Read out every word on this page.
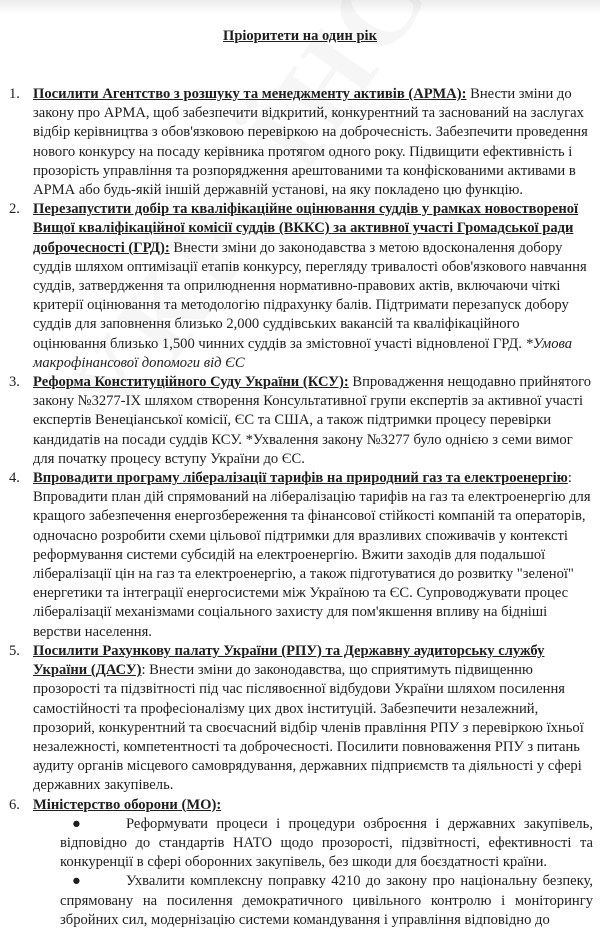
Пріоритети на один рік
1. Посилити Агентство з розшуку та менеджменту активів (АРМА): Внести зміни до закону про АРМА, щоб забезпечити відкритий, конкурентний та заснований на заслугах відбір керівництва з обов'язковою перевіркою на доброчесність. Забезпечити проведення нового конкурсу на посаду керівника протягом одного року. Підвищити ефективність і прозорість управління та розпорядження арештованими та конфіскованими активами в АРМА або будь-якій іншій державній установі, на яку покладено цю функцію.
2. Перезапустити добір та кваліфікаційне оцінювання суддів у рамках новоствореної Вищої кваліфікаційної комісії суддів (ВККС) за активної участі Громадської ради доброчесності (ГРД): Внести зміни до законодавства з метою вдосконалення добору суддів шляхом оптимізації етапів конкурсу, перегляду тривалості обов'язкового навчання суддів, затвердження та оприлюднення нормативно-правових актів, включаючи чіткі критерії оцінювання та методологію підрахунку балів. Підтримати перезапуск добору суддів для заповнення близько 2,000 суддівських вакансій та кваліфікаційного оцінювання близько 1,500 чинних суддів за змістовної участі відновленої ГРД. *Умова макрофінансової допомоги від ЄС
3. Реформа Конституційного Суду України (КСУ): Впровадження нещодавно прийнятого закону №3277-IX шляхом створення Консультативної групи експертів за активної участі експертів Венеціанської комісії, ЄС та США, а також підтримки процесу перевірки кандидатів на посади суддів КСУ. *Ухвалення закону №3277 було однією з семи вимог для початку процесу вступу України до ЄС.
4. Впровадити програму лібералізації тарифів на природний газ та електроенергію: Впровадити план дій спрямований на лібералізацію тарифів на газ та електроенергію для кращого забезпечення енергозбереження та фінансової стійкості компаній та операторів, одночасно розробити схеми цільової підтримки для вразливих споживачів у контексті реформування системи субсидій на електроенергію. Вжити заходів для подальшої лібералізації цін на газ та електроенергію, а також підготуватися до розвитку "зеленої" енергетики та інтеграції енергосистеми між Україною та ЄС. Супроводжувати процес лібералізації механізмами соціального захисту для пом'якшення впливу на бідніші верстви населення.
5. Посилити Рахункову палату України (РПУ) та Державну аудиторську службу України (ДАСУ): Внести зміни до законодавства, що сприятимуть підвищенню прозорості та підзвітності під час післявоєнної відбудови України шляхом посилення самостійності та професіоналізму цих двох інституцій. Забезпечити незалежний, прозорий, конкурентний та своєчасний відбір членів правління РПУ з перевіркою їхньої незалежності, компетентності та доброчесності. Посилити повноваження РПУ з питань аудиту органів місцевого самоврядування, державних підприємств та діяльності у сфері державних закупівель.
6. Міністерство оборони (МО):
●	Реформувати процеси і процедури озброєння і державних закупівель, відповідно до стандартів НАТО щодо прозорості, підзвітності, ефективності та конкуренції в сфері оборонних закупівель, без шкоди для боєздатності країни.
●	Ухвалити комплексну поправку 4210 до закону про національну безпеку, спрямовану на посилення демократичного цивільного контролю і моніторингу збройних сил, модернізацію системи командування і управління відповідно до
